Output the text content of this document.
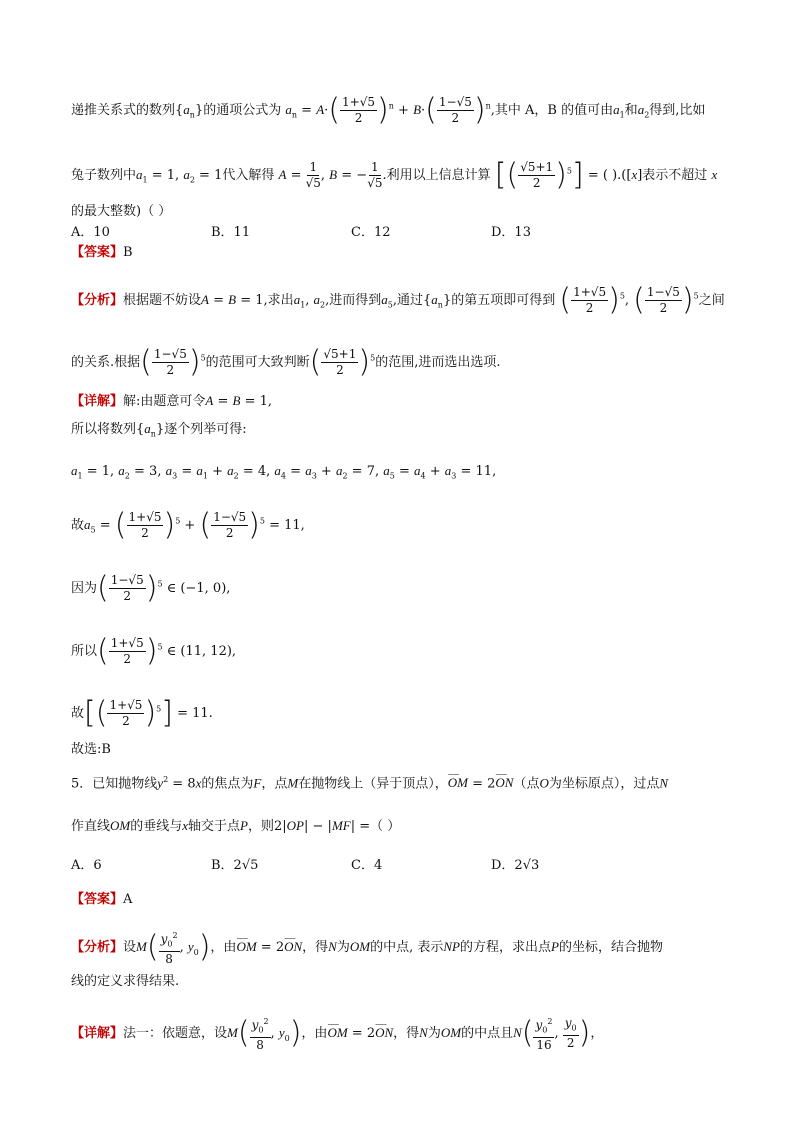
递推关系式的数列$\{a_n\}$的通项公式为 $a_n = A\cdot( \frac{1+√5}{2} )^n + B\cdot( \frac{1-√5}{2} )^n$,其中 A，B 的值可由$a_1$和$a_2$得到,比如
兔子数列中$a_1 = 1$, $a_2 = 1$代入解得 $A = \frac{1}{√5}$ , B = − $\frac{1}{√5}$ .利用以上信息计算 [( $\frac{√5+1}{2} )^5$] = ( ).([x]表示不超过 x
的最大整数)（ ）
A．10	B．11	C．12	D．13
【答案】B
【分析】根据题不妨设A = B = 1,求出$a_1$, $a_2$,进而得到$a_5$,通过$\{a_n\}$的第五项即可得到 ( $\frac{1+√5}{2} )^5$, ( $\frac{1-√5}{2} )^5$之间
的关系.根据( $\frac{1-√5}{2} )^5$的范围可大致判断( $\frac{√5+1}{2} )^5$的范围,进而选出选项.
【详解】解:由题意可令A = B = 1,
所以将数列$\{a_n\}$逐个列举可得:
$a_1 = 1$, $a_2 = 3$, $a_3 = a_1 + a_2 = 4$, $a_4 = a_3 + a_2 = 7$, $a_5 = a_4 + a_3 = 11$,
故$a_5$ = ( $\frac{1+√5}{2} )^5$ + ( $\frac{1-√5}{2} )^5 = 11$,
因为( $\frac{1-√5}{2} )^5$ ∈ (−1, 0),
所以( $\frac{1+√5}{2} )^5$ ∈ (11, 12),
故[( $\frac{1+√5}{2} )^5] = 11$.
故选:B
5．已知抛物线$y^2 = 8x$的焦点为F，点M在抛物线上（异于顶点），⌢⌢⌢ OM = 2⌢⌢⌢ ON（点O为坐标原点），过点N
作直线OM的垂线与x轴交于点P，则2|OP| − |MF| =（ ）
A．6	B．2√5	C．4	D．2√3
【答案】A
【分析】设$M( \frac{y_0^2}{8}$ , $y_0$)，由⌢⌢⌢ OM = 2⌢⌢⌢ ON，得N为OM的中点, 表示NP的方程，求出点P的坐标，结合抛物
线的定义求得结果.
【详解】法一：依题意，设$M( \frac{y_0^2}{8}$ , $y_0$)，由⌢⌢⌢ OM = 2⌢⌢⌢ ON，得N为OM的中点且$N( \frac{y_0^2}{16}$ , $\frac{y_0}{2}$ )，
